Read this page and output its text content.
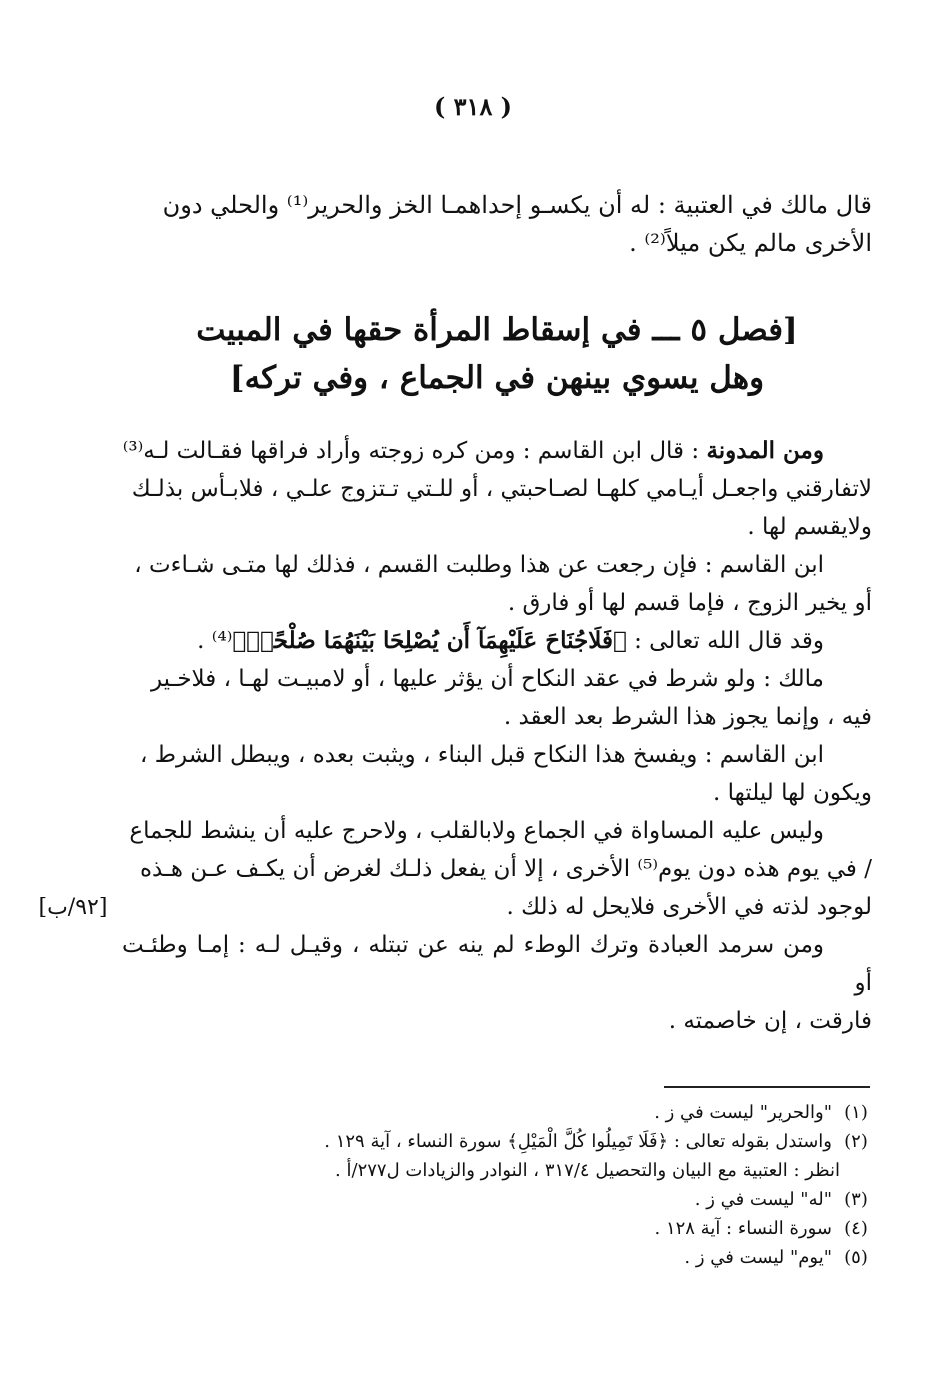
( ٣١٨ )
قال مالك في العتبية : له أن يكسـو إحداهمـا الخز والحرير⁽¹⁾ والحلي دون
الأخرى مالم يكن ميلاً⁽²⁾ .
[فصل ٥ ـــ في إسقاط المرأة حقها في المبيت
وهل يسوي بينهن في الجماع ، وفي تركه]

ومن المدونة : قال ابن القاسم : ومن كره زوجته وأراد فراقها فقـالت لـه⁽³⁾
لاتفارقني واجعـل أيـامي كلهـا لصـاحبتي ، أو للـتي تـتزوج علـي ، فلابـأس بذلـك
ولايقسم لها .

ابن القاسم : فإن رجعت عن هذا وطلبت القسم ، فذلك لها متـى شـاءت ،
أو يخير الزوج ، فإما قسم لها أو فارق .

وقد قال الله تعالى : ﴿فَلَاجُنَاحَ عَلَيْهِمَآ أَن يُصْلِحَا بَيْنَهُمَا صُلْحًاۚ﴾⁽⁴⁾ .

مالك : ولو شرط في عقد النكاح أن يؤثر عليها ، أو لامبيـت لهـا ، فلاخـير
فيه ، وإنما يجوز هذا الشرط بعد العقد .

ابن القاسم : ويفسخ هذا النكاح قبل البناء ، ويثبت بعده ، ويبطل الشرط ،
ويكون لها ليلتها .

وليس عليه المساواة في الجماع ولابالقلب ، ولاحرج عليه أن ينشط للجماع
/ في يوم هذه دون يوم⁽⁵⁾ الأخرى ، إلا أن يفعل ذلـك لغرض أن يكـف عـن هـذه
لوجود لذته في الأخرى فلايحل له ذلك .

ومن سرمد العبادة وترك الوطء لم ينه عن تبتله ، وقيـل لـه : إمـا وطئـت أو
فارقت ، إن خاصمته .

[٩٢/ب]
(١)
"والحرير" ليست في ز .
(٢)
واستدل بقوله تعالى : ﴿فَلَا تَمِيلُوا كُلَّ الْمَيْلِ﴾ سورة النساء ، آية ١٢٩ .
انظر : العتبية مع البيان والتحصيل ٣١٧/٤ ، النوادر والزيادات ل٢٧٧/أ .
(٣)
"له" ليست في ز .
(٤)
سورة النساء : آية ١٢٨ .
(٥)
"يوم" ليست في ز .
